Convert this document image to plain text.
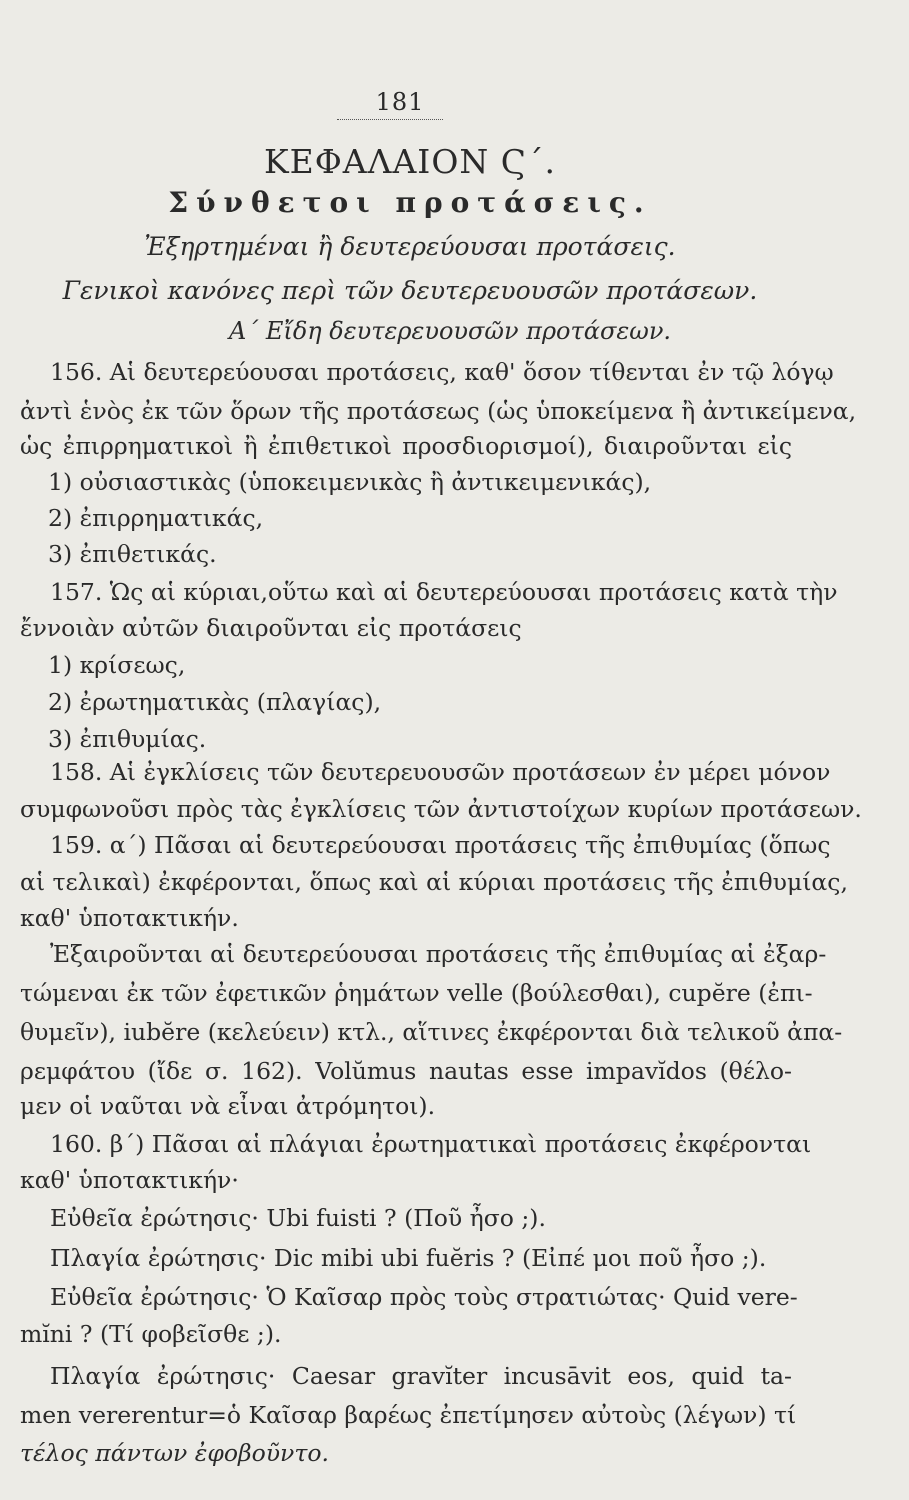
181
ΚΕΦΑΛΑΙΟΝ Ϛ΄.
Σύνθετοι προτάσεις.
Ἐξηρτημέναι ἢ δευτερεύουσαι προτάσεις.
Γενικοὶ κανόνες περὶ τῶν δευτερευουσῶν προτάσεων.
Α΄ Εἴδη δευτερευουσῶν προτάσεων.
156. Αἱ δευτερεύουσαι προτάσεις, καθ' ὅσον τίθενται ἐν τῷ λόγῳ
ἀντὶ ἑνὸς ἐκ τῶν ὅρων τῆς προτάσεως (ὡς ὑποκείμενα ἢ ἀντικείμενα,
ὡς ἐπιρρηματικοὶ ἢ ἐπιθετικοὶ προσδιορισμοί), διαιροῦνται εἰς
1) οὐσιαστικὰς (ὑποκειμενικὰς ἢ ἀντικειμενικάς),
2) ἐπιρρηματικάς,
3) ἐπιθετικάς.
157. Ὡς αἱ κύριαι,οὕτω καὶ αἱ δευτερεύουσαι προτάσεις κατὰ τὴν
ἔννοιὰν αὐτῶν διαιροῦνται εἰς προτάσεις
1) κρίσεως,
2) ἐρωτηματικὰς (πλαγίας),
3) ἐπιθυμίας.
158. Αἱ ἐγκλίσεις τῶν δευτερευουσῶν προτάσεων ἐν μέρει μόνον
συμφωνοῦσι πρὸς τὰς ἐγκλίσεις τῶν ἀντιστοίχων κυρίων προτάσεων.
159. α΄) Πᾶσαι αἱ δευτερεύουσαι προτάσεις τῆς ἐπιθυμίας (ὅπως
αἱ τελικαὶ) ἐκφέρονται, ὅπως καὶ αἱ κύριαι προτάσεις τῆς ἐπιθυμίας,
καθ' ὑποτακτικήν.
Ἐξαιροῦνται αἱ δευτερεύουσαι προτάσεις τῆς ἐπιθυμίας αἱ ἐξαρ-
τώμεναι ἐκ τῶν ἐφετικῶν ῥημάτων velle (βούλεσθαι), cupĕre (ἐπι-
θυμεῖν), iubĕre (κελεύειν) κτλ., αἵτινες ἐκφέρονται διὰ τελικοῦ ἀπα-
ρεμφάτου (ἴδε σ. 162). Volŭmus nautas esse impavĭdos (θέλο-
μεν οἱ ναῦται νὰ εἶναι ἀτρόμητοι).
160. β΄) Πᾶσαι αἱ πλάγιαι ἐρωτηματικαὶ προτάσεις ἐκφέρονται
καθ' ὑποτακτικήν·
Εὐθεῖα ἐρώτησις· Ubi fuisti ? (Ποῦ ἦσο ;).
Πλαγία ἐρώτησις· Dic mibi ubi fuĕris ? (Εἰπέ μοι ποῦ ἦσο ;).
Εὐθεῖα ἐρώτησις· Ὁ Καῖσαρ πρὸς τοὺς στρατιώτας· Quid vere-
mĭni ? (Τί φοβεῖσθε ;).
Πλαγία ἐρώτησις· Caesar gravĭter incusāvit eos, quid ta-
men vererentur=ὁ Καῖσαρ βαρέως ἐπετίμησεν αὐτοὺς (λέγων) τί
τέλος πάντων ἐφοβοῦντο.
